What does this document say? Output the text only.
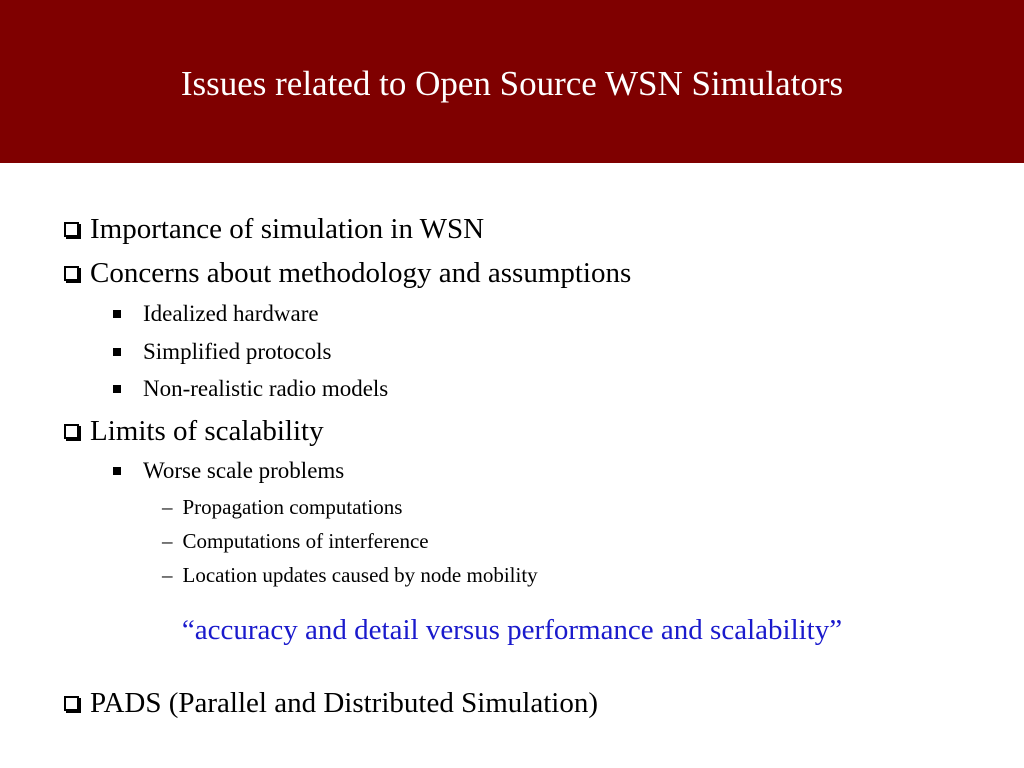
Issues related to Open Source WSN Simulators
Importance of simulation in WSN
Concerns about methodology and assumptions
Idealized hardware
Simplified protocols
Non-realistic radio models
Limits of scalability
Worse scale problems
– Propagation computations
– Computations of interference
– Location updates caused by node mobility
“accuracy and detail versus performance and scalability”
PADS (Parallel and Distributed Simulation)
